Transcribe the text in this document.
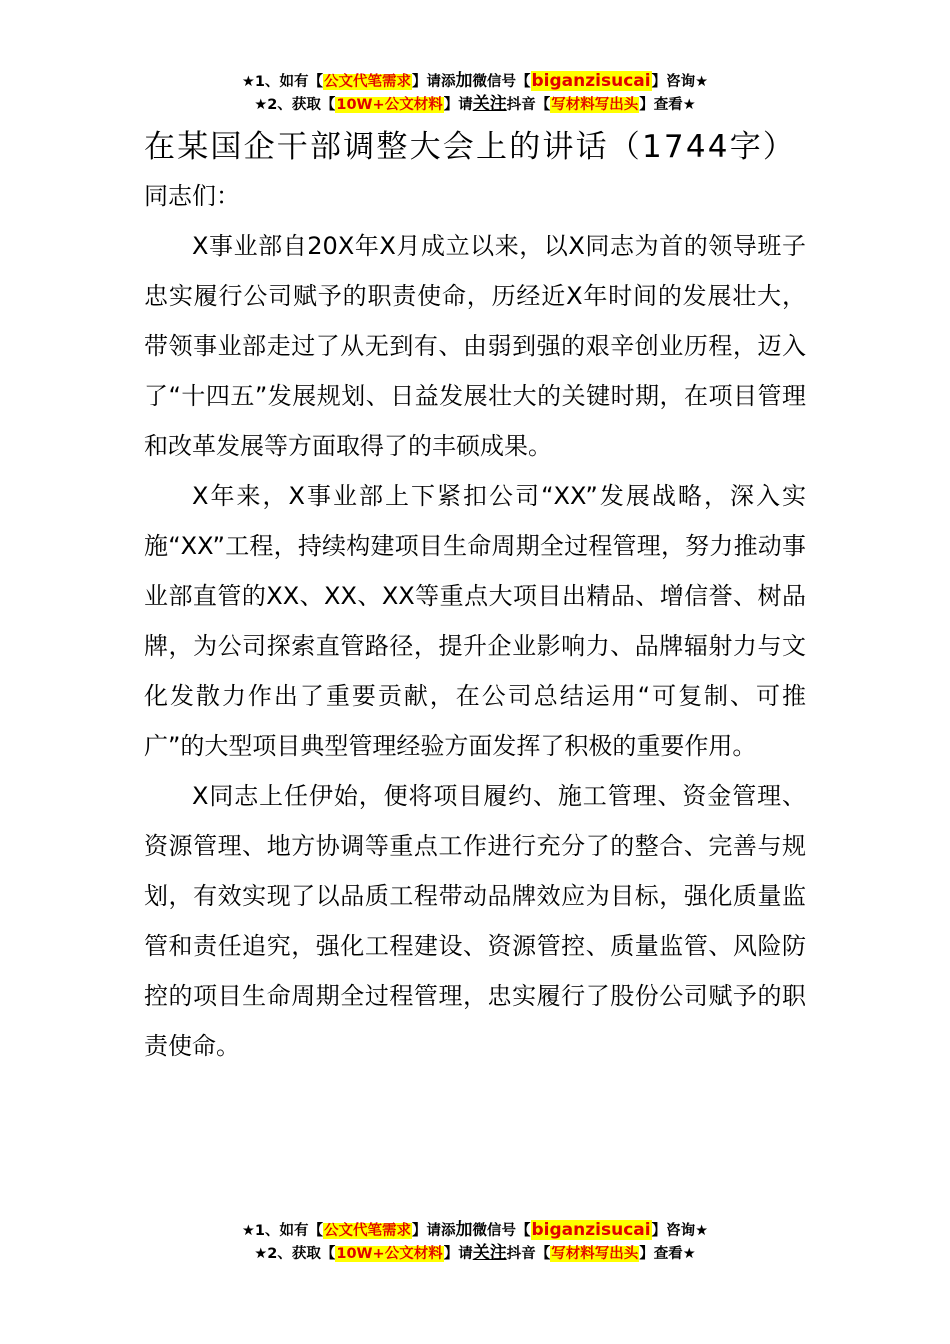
★1、如有【公文代笔需求】请添加微信号【biganzisucai】咨询★
★2、获取【10W+公文材料】请关注抖音【写材料写出头】查看★
在某国企干部调整大会上的讲话（1744字）

同志们：

X事业部自20X年X月成立以来，以X同志为首的领导班子忠实履行公司赋予的职责使命，历经近X年时间的发展壮大，带领事业部走过了从无到有、由弱到强的艰辛创业历程，迈入了“十四五”发展规划、日益发展壮大的关键时期，在项目管理和改革发展等方面取得了的丰硕成果。

X年来，X事业部上下紧扣公司“XX”发展战略，深入实施“XX”工程，持续构建项目生命周期全过程管理，努力推动事业部直管的XX、XX、XX等重点大项目出精品、增信誉、树品牌，为公司探索直管路径，提升企业影响力、品牌辐射力与文化发散力作出了重要贡献，在公司总结运用“可复制、可推广”的大型项目典型管理经验方面发挥了积极的重要作用。

X同志上任伊始，便将项目履约、施工管理、资金管理、资源管理、地方协调等重点工作进行充分了的整合、完善与规划，有效实现了以品质工程带动品牌效应为目标，强化质量监管和责任追究，强化工程建设、资源管控、质量监管、风险防控的项目生命周期全过程管理，忠实履行了股份公司赋予的职责使命。

★1、如有【公文代笔需求】请添加微信号【biganzisucai】咨询★
★2、获取【10W+公文材料】请关注抖音【写材料写出头】查看★
